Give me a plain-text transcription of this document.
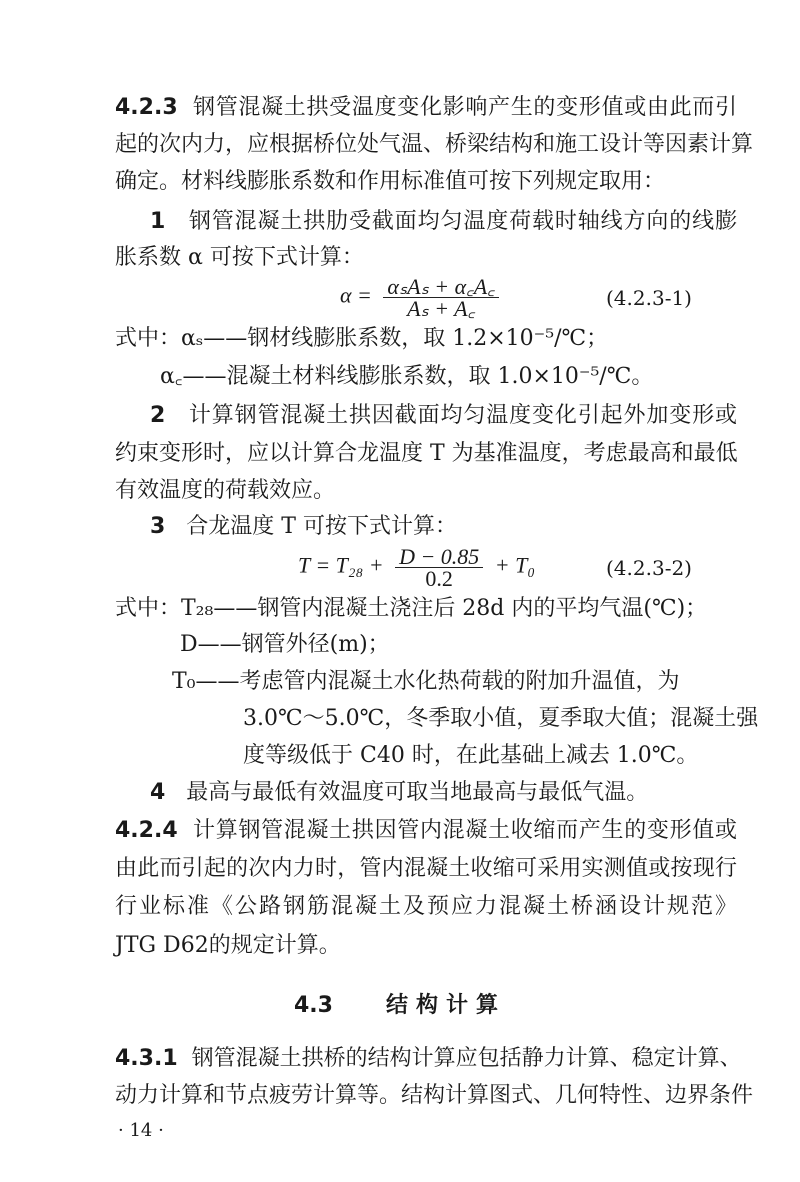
4.2.3 钢管混凝土拱受温度变化影响产生的变形值或由此而引
起的次内力，应根据桥位处气温、桥梁结构和施工设计等因素计算
确定。材料线膨胀系数和作用标准值可按下列规定取用：
1 钢管混凝土拱肋受截面均匀温度荷载时轴线方向的线膨
胀系数 α 可按下式计算：
$\alpha = \frac{\text{αₛAₛ + α꜀A꜀}}{\text{Aₛ + A꜀}}$	(4.2.3-1)
式中：αₛ——钢材线膨胀系数，取 1.2×10⁻⁵/℃；
α꜀——混凝土材料线膨胀系数，取 1.0×10⁻⁵/℃。
2 计算钢管混凝土拱因截面均匀温度变化引起外加变形或
约束变形时，应以计算合龙温度 T 为基准温度，考虑最高和最低
有效温度的荷载效应。
3 合龙温度 T 可按下式计算：
$T = T_{28} + \frac{D - 0.85}{0.2} + T_0$	(4.2.3-2)
式中：T₂₈——钢管内混凝土浇注后 28d 内的平均气温(℃)；
D——钢管外径(m)；
T₀——考虑管内混凝土水化热荷载的附加升温值，为
3.0℃～5.0℃，冬季取小值，夏季取大值；混凝土强
度等级低于 C40 时，在此基础上减去 1.0℃。
4 最高与最低有效温度可取当地最高与最低气温。
4.2.4 计算钢管混凝土拱因管内混凝土收缩而产生的变形值或
由此而引起的次内力时，管内混凝土收缩可采用实测值或按现行
行业标准《公路钢筋混凝土及预应力混凝土桥涵设计规范》
JTG D62的规定计算。
4.3 结构计算
4.3.1 钢管混凝土拱桥的结构计算应包括静力计算、稳定计算、
动力计算和节点疲劳计算等。结构计算图式、几何特性、边界条件
· 14 ·
